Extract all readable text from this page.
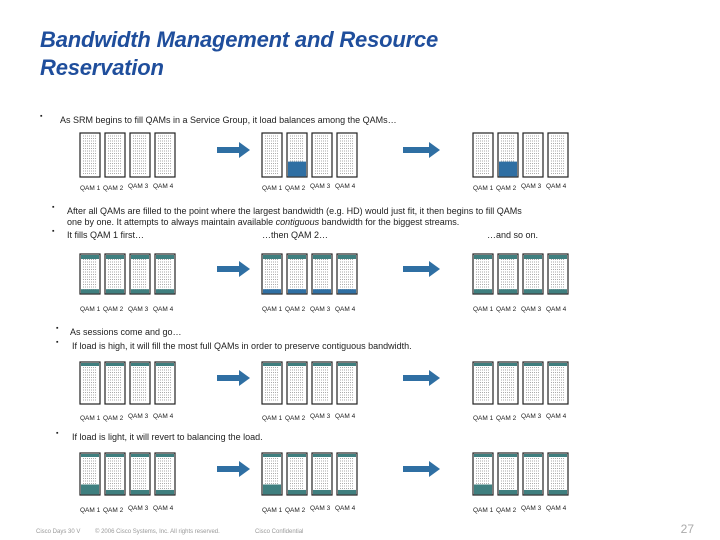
Bandwidth Management and Resource
Reservation
▪ As SRM begins to fill QAMs in a Service Group, it load balances among the QAMs…
▪ After all QAMs are filled to the point where the largest bandwidth (e.g. HD) would just fit, it then begins to fill QAMs
one by one. It attempts to always maintain available contiguous bandwidth for the biggest streams.
▪ It fills QAM 1 first…	…then QAM 2…	…and so on.
▪ As sessions come and go…
▪ If load is high, it will fill the most full QAMs in order to preserve contiguous bandwidth.
▪ If load is light, it will revert to balancing the load.
QAM 1 QAM 2 QAM 3 QAM 4	QAM 1 QAM 2 QAM 3 QAM 4	QAM 1 QAM 2 QAM 3 QAM 4
QAM 1 QAM 2 QAM 3 QAM 4	QAM 1 QAM 2 QAM 3 QAM 4	QAM 1 QAM 2 QAM 3 QAM 4
QAM 1 QAM 2 QAM 3 QAM 4	QAM 1 QAM 2 QAM 3 QAM 4	QAM 1 QAM 2 QAM 3 QAM 4
QAM 1 QAM 2 QAM 3 QAM 4	QAM 1 QAM 2 QAM 3 QAM 4	QAM 1 QAM 2 QAM 3 QAM 4
Cisco Days 30 V © 2006 Cisco Systems, Inc. All rights reserved.	Cisco Confidential	27
